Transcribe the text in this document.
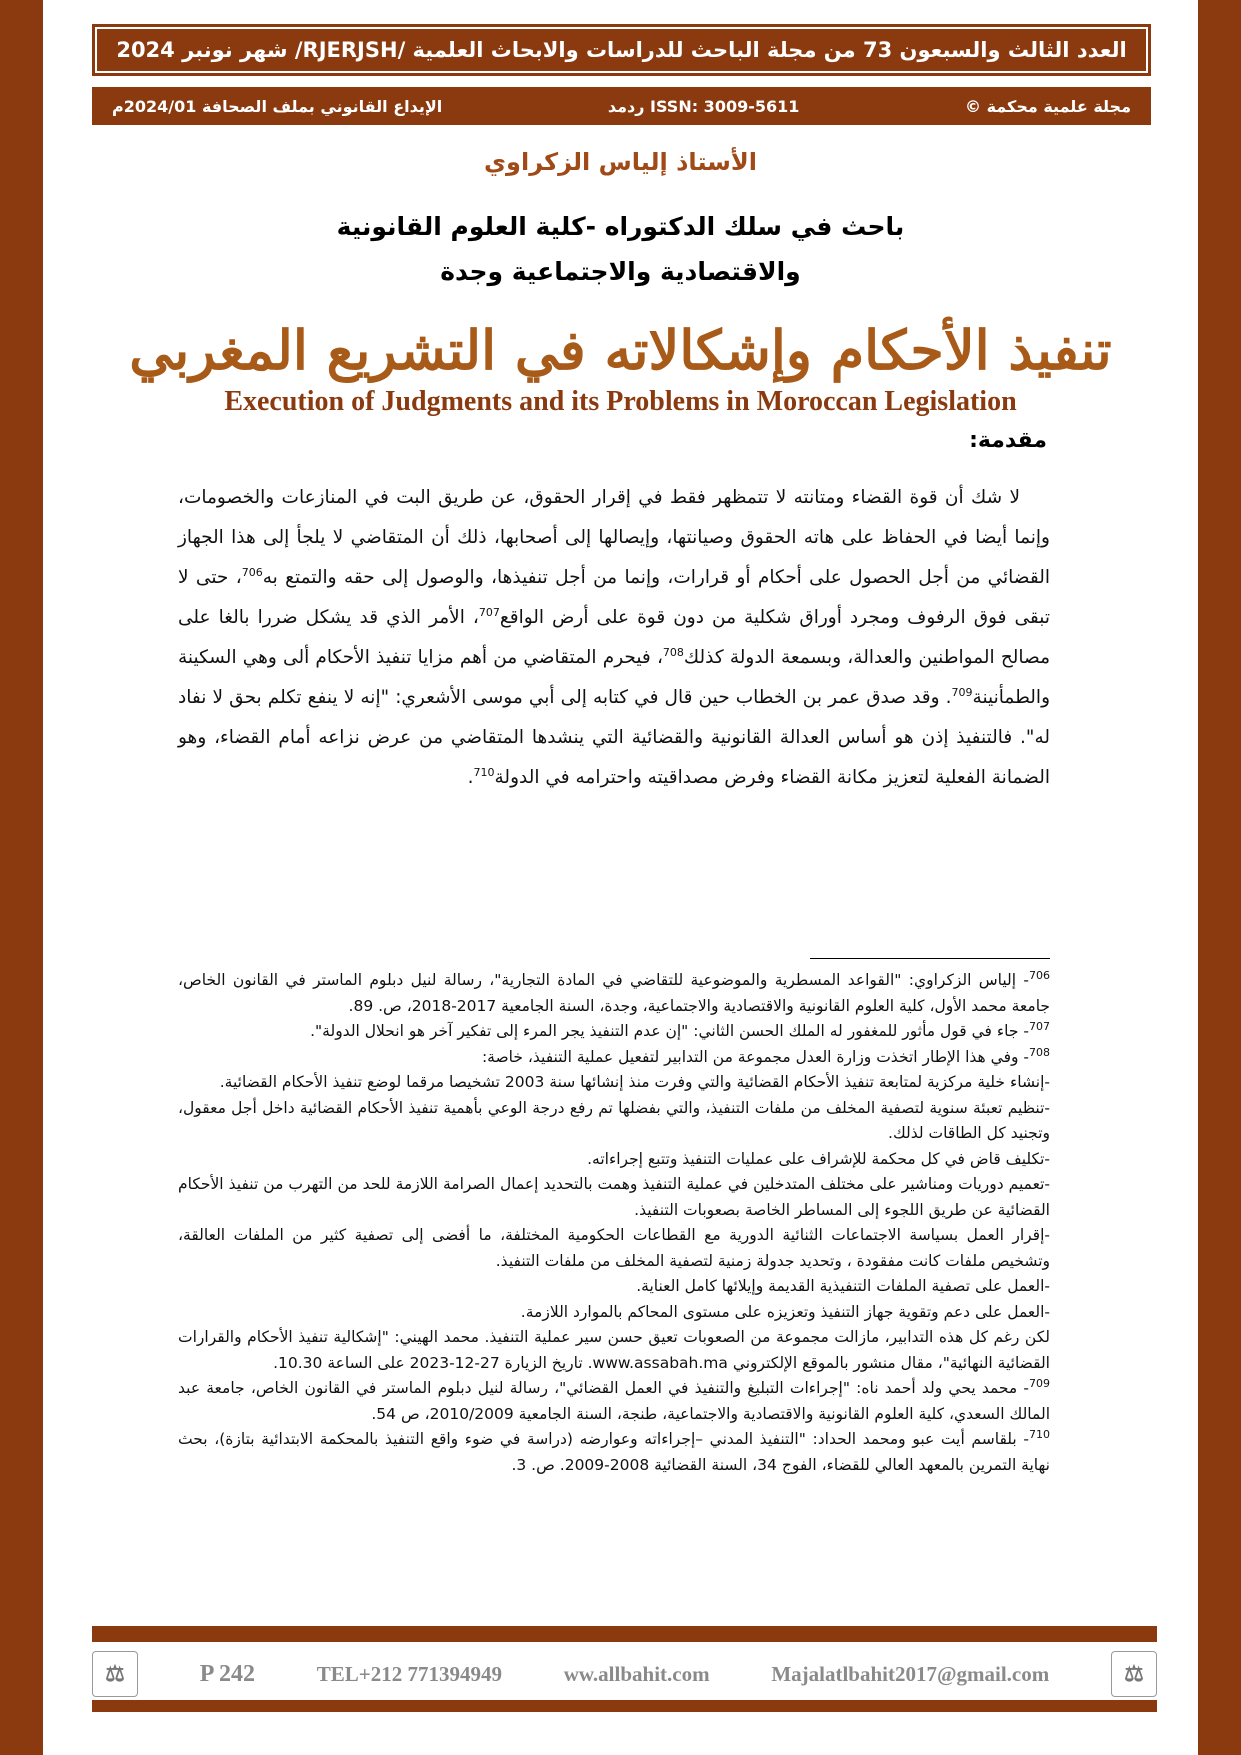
العدد الثالث والسبعون 73 من مجلة الباحث للدراسات والابحاث العلمية /RJERJSH/ شهر نونبر 2024
مجلة علمية محكمة ©
ردمد ISSN: 3009-5611
الإيداع القانوني بملف الصحافة 2024/01م
الأستاذ إلياس الزكراوي
باحث في سلك الدكتوراه -كلية العلوم القانونية
والاقتصادية والاجتماعية وجدة
تنفيذ الأحكام وإشكالاته في التشريع المغربي
Execution of Judgments and its Problems in Moroccan Legislation
مقدمة:

لا شك أن قوة القضاء ومتانته لا تتمظهر فقط في إقرار الحقوق، عن طريق البت في المنازعات والخصومات، وإنما أيضا في الحفاظ على هاته الحقوق وصيانتها، وإيصالها إلى أصحابها، ذلك أن المتقاضي لا يلجأ إلى هذا الجهاز القضائي من أجل الحصول على أحكام أو قرارات، وإنما من أجل تنفيذها، والوصول إلى حقه والتمتع به$^{706}$، حتى لا تبقى فوق الرفوف ومجرد أوراق شكلية من دون قوة على أرض الواقع$^{707}$، الأمر الذي قد يشكل ضررا بالغا على مصالح المواطنين والعدالة، وبسمعة الدولة كذلك$^{708}$، فيحرم المتقاضي من أهم مزايا تنفيذ الأحكام ألى وهي السكينة والطمأنينة$^{709}$. وقد صدق عمر بن الخطاب حين قال في كتابه إلى أبي موسى الأشعري: "إنه لا ينفع تكلم بحق لا نفاد له". فالتنفيذ إذن هو أساس العدالة القانونية والقضائية التي ينشدها المتقاضي من عرض نزاعه أمام القضاء، وهو الضمانة الفعلية لتعزيز مكانة القضاء وفرض مصداقيته واحترامه في الدولة$^{710}$.

$^{706}$- إلياس الزكراوي: "القواعد المسطرية والموضوعية للتقاضي في المادة التجارية"، رسالة لنيل دبلوم الماستر في القانون الخاص، جامعة محمد الأول، كلية العلوم القانونية والاقتصادية والاجتماعية، وجدة، السنة الجامعية 2017-2018، ص. 89.

$^{707}$- جاء في قول مأثور للمغفور له الملك الحسن الثاني: "إن عدم التنفيذ يجر المرء إلى تفكير آخر هو انحلال الدولة".

$^{708}$- وفي هذا الإطار اتخذت وزارة العدل مجموعة من التدابير لتفعيل عملية التنفيذ، خاصة:

-إنشاء خلية مركزية لمتابعة تنفيذ الأحكام القضائية والتي وفرت منذ إنشائها سنة 2003 تشخيصا مرقما لوضع تنفيذ الأحكام القضائية.

-تنظيم تعبئة سنوية لتصفية المخلف من ملفات التنفيذ، والتي بفضلها تم رفع درجة الوعي بأهمية تنفيذ الأحكام القضائية داخل أجل معقول، وتجنيد كل الطاقات لذلك.

-تكليف قاض في كل محكمة للإشراف على عمليات التنفيذ وتتبع إجراءاته.

-تعميم دوريات ومناشير على مختلف المتدخلين في عملية التنفيذ وهمت بالتحديد إعمال الصرامة اللازمة للحد من التهرب من تنفيذ الأحكام القضائية عن طريق اللجوء إلى المساطر الخاصة بصعوبات التنفيذ.

-إقرار العمل بسياسة الاجتماعات الثنائية الدورية مع القطاعات الحكومية المختلفة، ما أفضى إلى تصفية كثير من الملفات العالقة، وتشخيص ملفات كانت مفقودة ، وتحديد جدولة زمنية لتصفية المخلف من ملفات التنفيذ.

-العمل على تصفية الملفات التنفيذية القديمة وإيلائها كامل العناية.

-العمل على دعم وتقوية جهاز التنفيذ وتعزيزه على مستوى المحاكم بالموارد اللازمة.

لكن رغم كل هذه التدابير، مازالت مجموعة من الصعوبات تعيق حسن سير عملية التنفيذ. محمد الهيني: "إشكالية تنفيذ الأحكام والقرارات القضائية النهائية"، مقال منشور بالموقع الإلكتروني www.assabah.ma. تاريخ الزيارة 27-12-2023 على الساعة 10.30.

$^{709}$- محمد يحي ولد أحمد ناه: "إجراءات التبليغ والتنفيذ في العمل القضائي"، رسالة لنيل دبلوم الماستر في القانون الخاص، جامعة عبد المالك السعدي، كلية العلوم القانونية والاقتصادية والاجتماعية، طنجة، السنة الجامعية 2010/2009، ص 54.

$^{710}$- بلقاسم أيت عبو ومحمد الحداد: "التنفيذ المدني –إجراءاته وعوارضه (دراسة في ضوء واقع التنفيذ بالمحكمة الابتدائية بتازة)، بحث نهاية التمرين بالمعهد العالي للقضاء، الفوج 34، السنة القضائية 2008-2009. ص. 3.

⚖	P 242	TEL+212 771394949	ww.allbahit.com	Majalatlbahit2017@gmail.com	⚖
